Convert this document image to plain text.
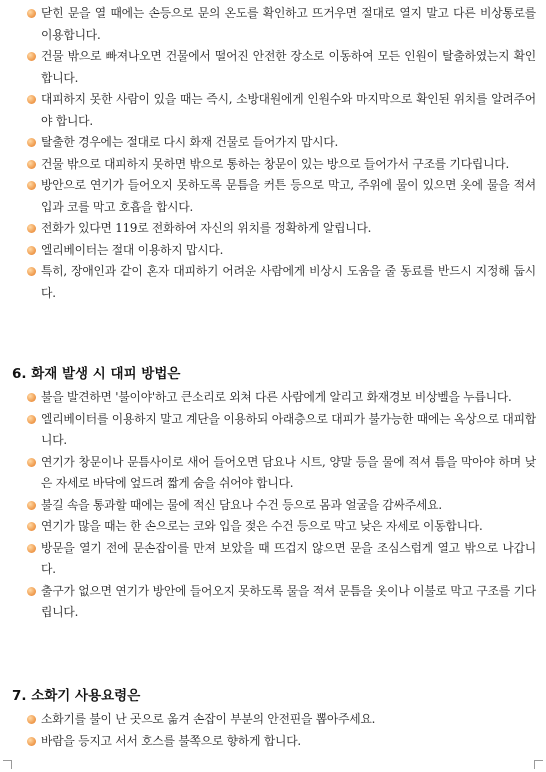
닫힌 문을 열 때에는 손등으로 문의 온도를 확인하고 뜨거우면 절대로 열지 말고 다른 비상통로를 이용합니다.
건물 밖으로 빠져나오면 건물에서 떨어진 안전한 장소로 이동하여 모든 인원이 탈출하였는지 확인합니다.
대피하지 못한 사람이 있을 때는 즉시, 소방대원에게 인원수와 마지막으로 확인된 위치를 알려주어야 합니다.
탈출한 경우에는 절대로 다시 화재 건물로 들어가지 맙시다.
건물 밖으로 대피하지 못하면 밖으로 통하는 창문이 있는 방으로 들어가서 구조를 기다립니다.
방안으로 연기가 들어오지 못하도록 문틈을 커튼 등으로 막고, 주위에 물이 있으면 옷에 물을 적셔 입과 코를 막고 호흡을 합시다.
전화가 있다면 119로 전화하여 자신의 위치를 정확하게 알립니다.
엘리베이터는 절대 이용하지 맙시다.
특히, 장애인과 같이 혼자 대피하기 어려운 사람에게 비상시 도움을 줄 동료를 반드시 지정해 둡시다.
6. 화재 발생 시 대피 방법은
불을 발견하면 '불이야'하고 큰소리로 외쳐 다른 사람에게 알리고 화재경보 비상벨을 누릅니다.
엘리베이터를 이용하지 말고 계단을 이용하되 아래층으로 대피가 불가능한 때에는 옥상으로 대피합니다.
연기가 창문이나 문틈사이로 새어 들어오면 담요나 시트, 양말 등을 물에 적셔 틈을 막아야 하며 낮은 자세로 바닥에 엎드려 짧게 숨을 쉬어야 합니다.
불길 속을 통과할 때에는 물에 적신 담요나 수건 등으로 몸과 얼굴을 감싸주세요.
연기가 많을 때는 한 손으로는 코와 입을 젖은 수건 등으로 막고 낮은 자세로 이동합니다.
방문을 열기 전에 문손잡이를 만져 보았을 때 뜨겁지 않으면 문을 조심스럽게 열고 밖으로 나갑니다.
출구가 없으면 연기가 방안에 들어오지 못하도록 물을 적셔 문틈을 옷이나 이불로 막고 구조를 기다립니다.
7. 소화기 사용요령은
소화기를 불이 난 곳으로 옮겨 손잡이 부분의 안전핀을 뽑아주세요.
바람을 등지고 서서 호스를 불쪽으로 향하게 합니다.
